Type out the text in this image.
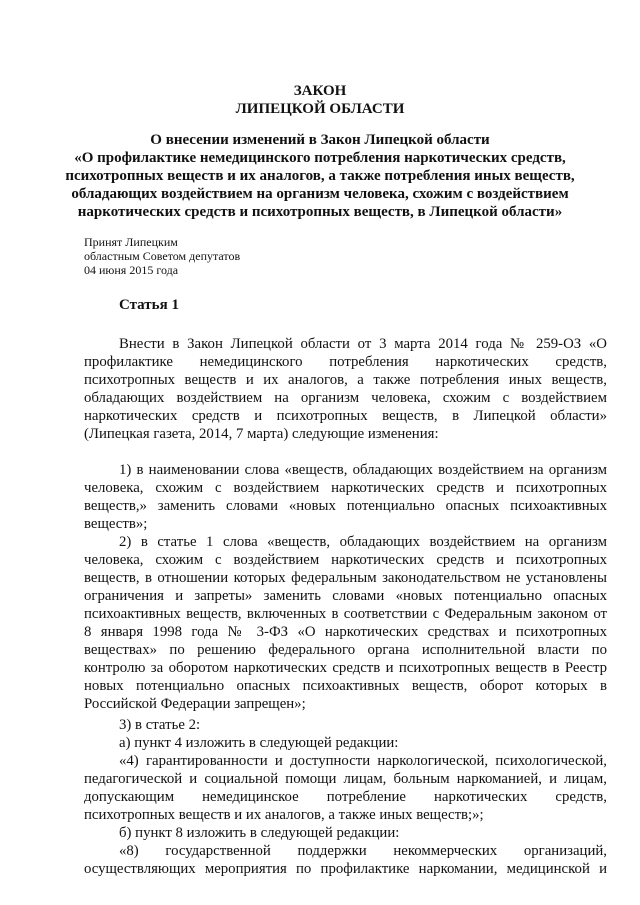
ЗАКОН
ЛИПЕЦКОЙ ОБЛАСТИ
О внесении изменений в Закон Липецкой области
«О профилактике немедицинского потребления наркотических средств,
психотропных веществ и их аналогов, а также потребления иных веществ,
обладающих воздействием на организм человека, схожим с воздействием
наркотических средств и психотропных веществ, в Липецкой области»
Принят Липецким
областным Советом депутатов
04 июня 2015 года
Статья 1
Внести в Закон Липецкой области от 3 марта 2014 года № 259-ОЗ «О
профилактике немедицинского потребления наркотических средств,
психотропных веществ и их аналогов, а также потребления иных веществ,
обладающих воздействием на организм человека, схожим с воздействием
наркотических средств и психотропных веществ, в Липецкой области»
(Липецкая газета, 2014, 7 марта) следующие изменения:
1) в наименовании слова «веществ, обладающих воздействием на организм
человека, схожим с воздействием наркотических средств и психотропных
веществ,» заменить словами «новых потенциально опасных психоактивных
веществ»;
2) в статье 1 слова «веществ, обладающих воздействием на организм
человека, схожим с воздействием наркотических средств и психотропных
веществ, в отношении которых федеральным законодательством не установлены
ограничения и запреты» заменить словами «новых потенциально опасных
психоактивных веществ, включенных в соответствии с Федеральным законом от
8 января 1998 года № 3-ФЗ «О наркотических средствах и психотропных
веществах» по решению федерального органа исполнительной власти по
контролю за оборотом наркотических средств и психотропных веществ в Реестр
новых потенциально опасных психоактивных веществ, оборот которых в
Российской Федерации запрещен»;
3) в статье 2:
а) пункт 4 изложить в следующей редакции:
«4) гарантированности и доступности наркологической, психологической,
педагогической и социальной помощи лицам, больным наркоманией, и лицам,
допускающим немедицинское потребление наркотических средств,
психотропных веществ и их аналогов, а также иных веществ;»;
б) пункт 8 изложить в следующей редакции:
«8) государственной поддержки некоммерческих организаций,
осуществляющих мероприятия по профилактике наркомании, медицинской и
